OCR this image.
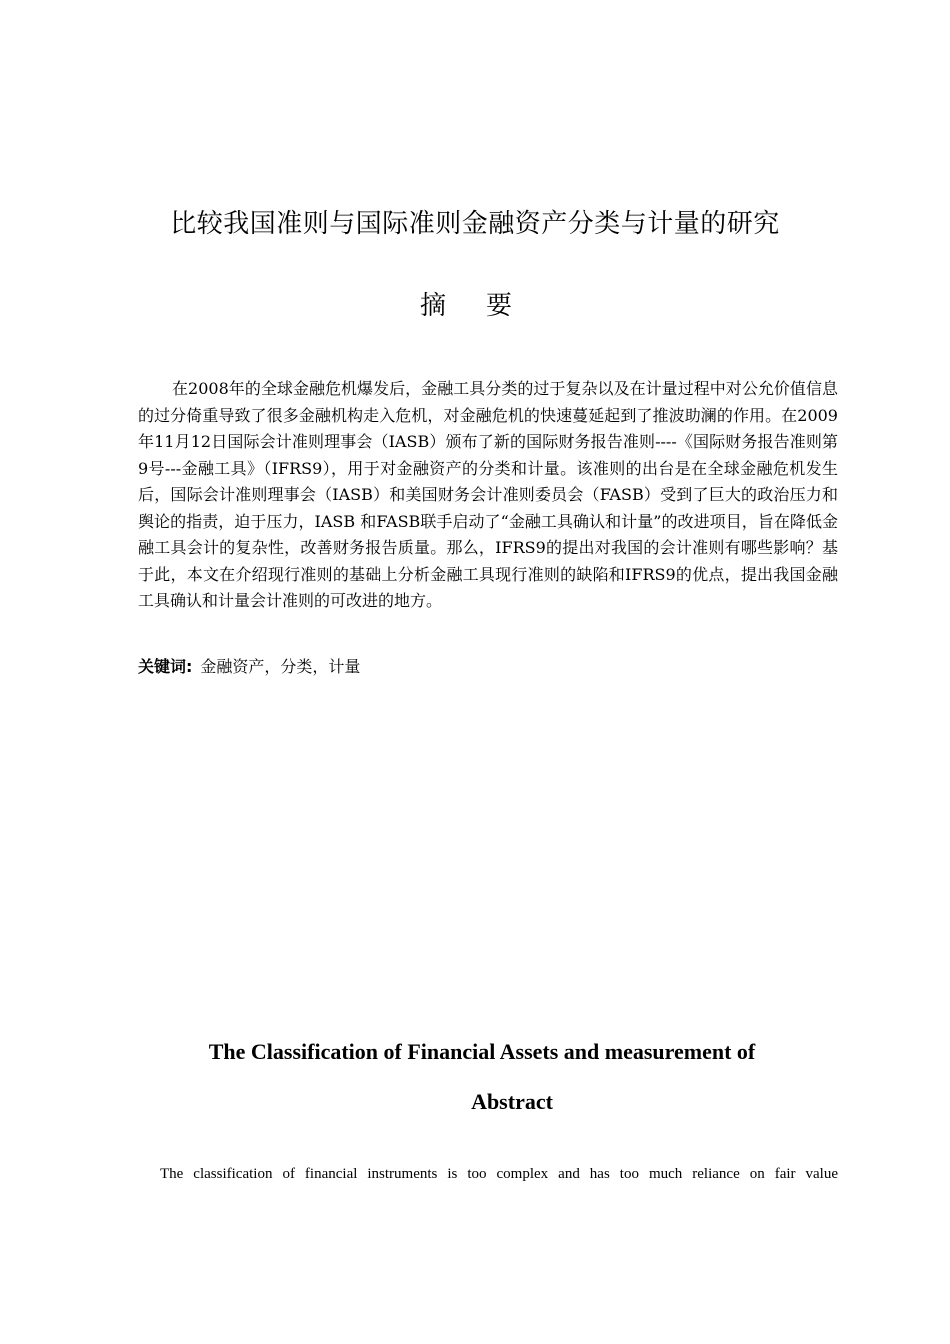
比较我国准则与国际准则金融资产分类与计量的研究
摘要

在2008年的全球金融危机爆发后，金融工具分类的过于复杂以及在计量过程中对公允价值信息的过分倚重导致了很多金融机构走入危机，对金融危机的快速蔓延起到了推波助澜的作用。在2009年11月12日国际会计准则理事会（IASB）颁布了新的国际财务报告准则----《国际财务报告准则第9号---金融工具》（IFRS9），用于对金融资产的分类和计量。该准则的出台是在全球金融危机发生后，国际会计准则理事会（IASB）和美国财务会计准则委员会（FASB）受到了巨大的政治压力和舆论的指责，迫于压力，IASB 和FASB联手启动了“金融工具确认和计量”的改进项目，旨在降低金融工具会计的复杂性，改善财务报告质量。那么，IFRS9的提出对我国的会计准则有哪些影响？基于此，本文在介绍现行准则的基础上分析金融工具现行准则的缺陷和IFRS9的优点，提出我国金融工具确认和计量会计准则的可改进的地方。

关键词: 金融资产，分类，计量

The Classification of Financial Assets and measurement of
Abstract

The classification of financial instruments is too complex and has too much reliance on fair value
